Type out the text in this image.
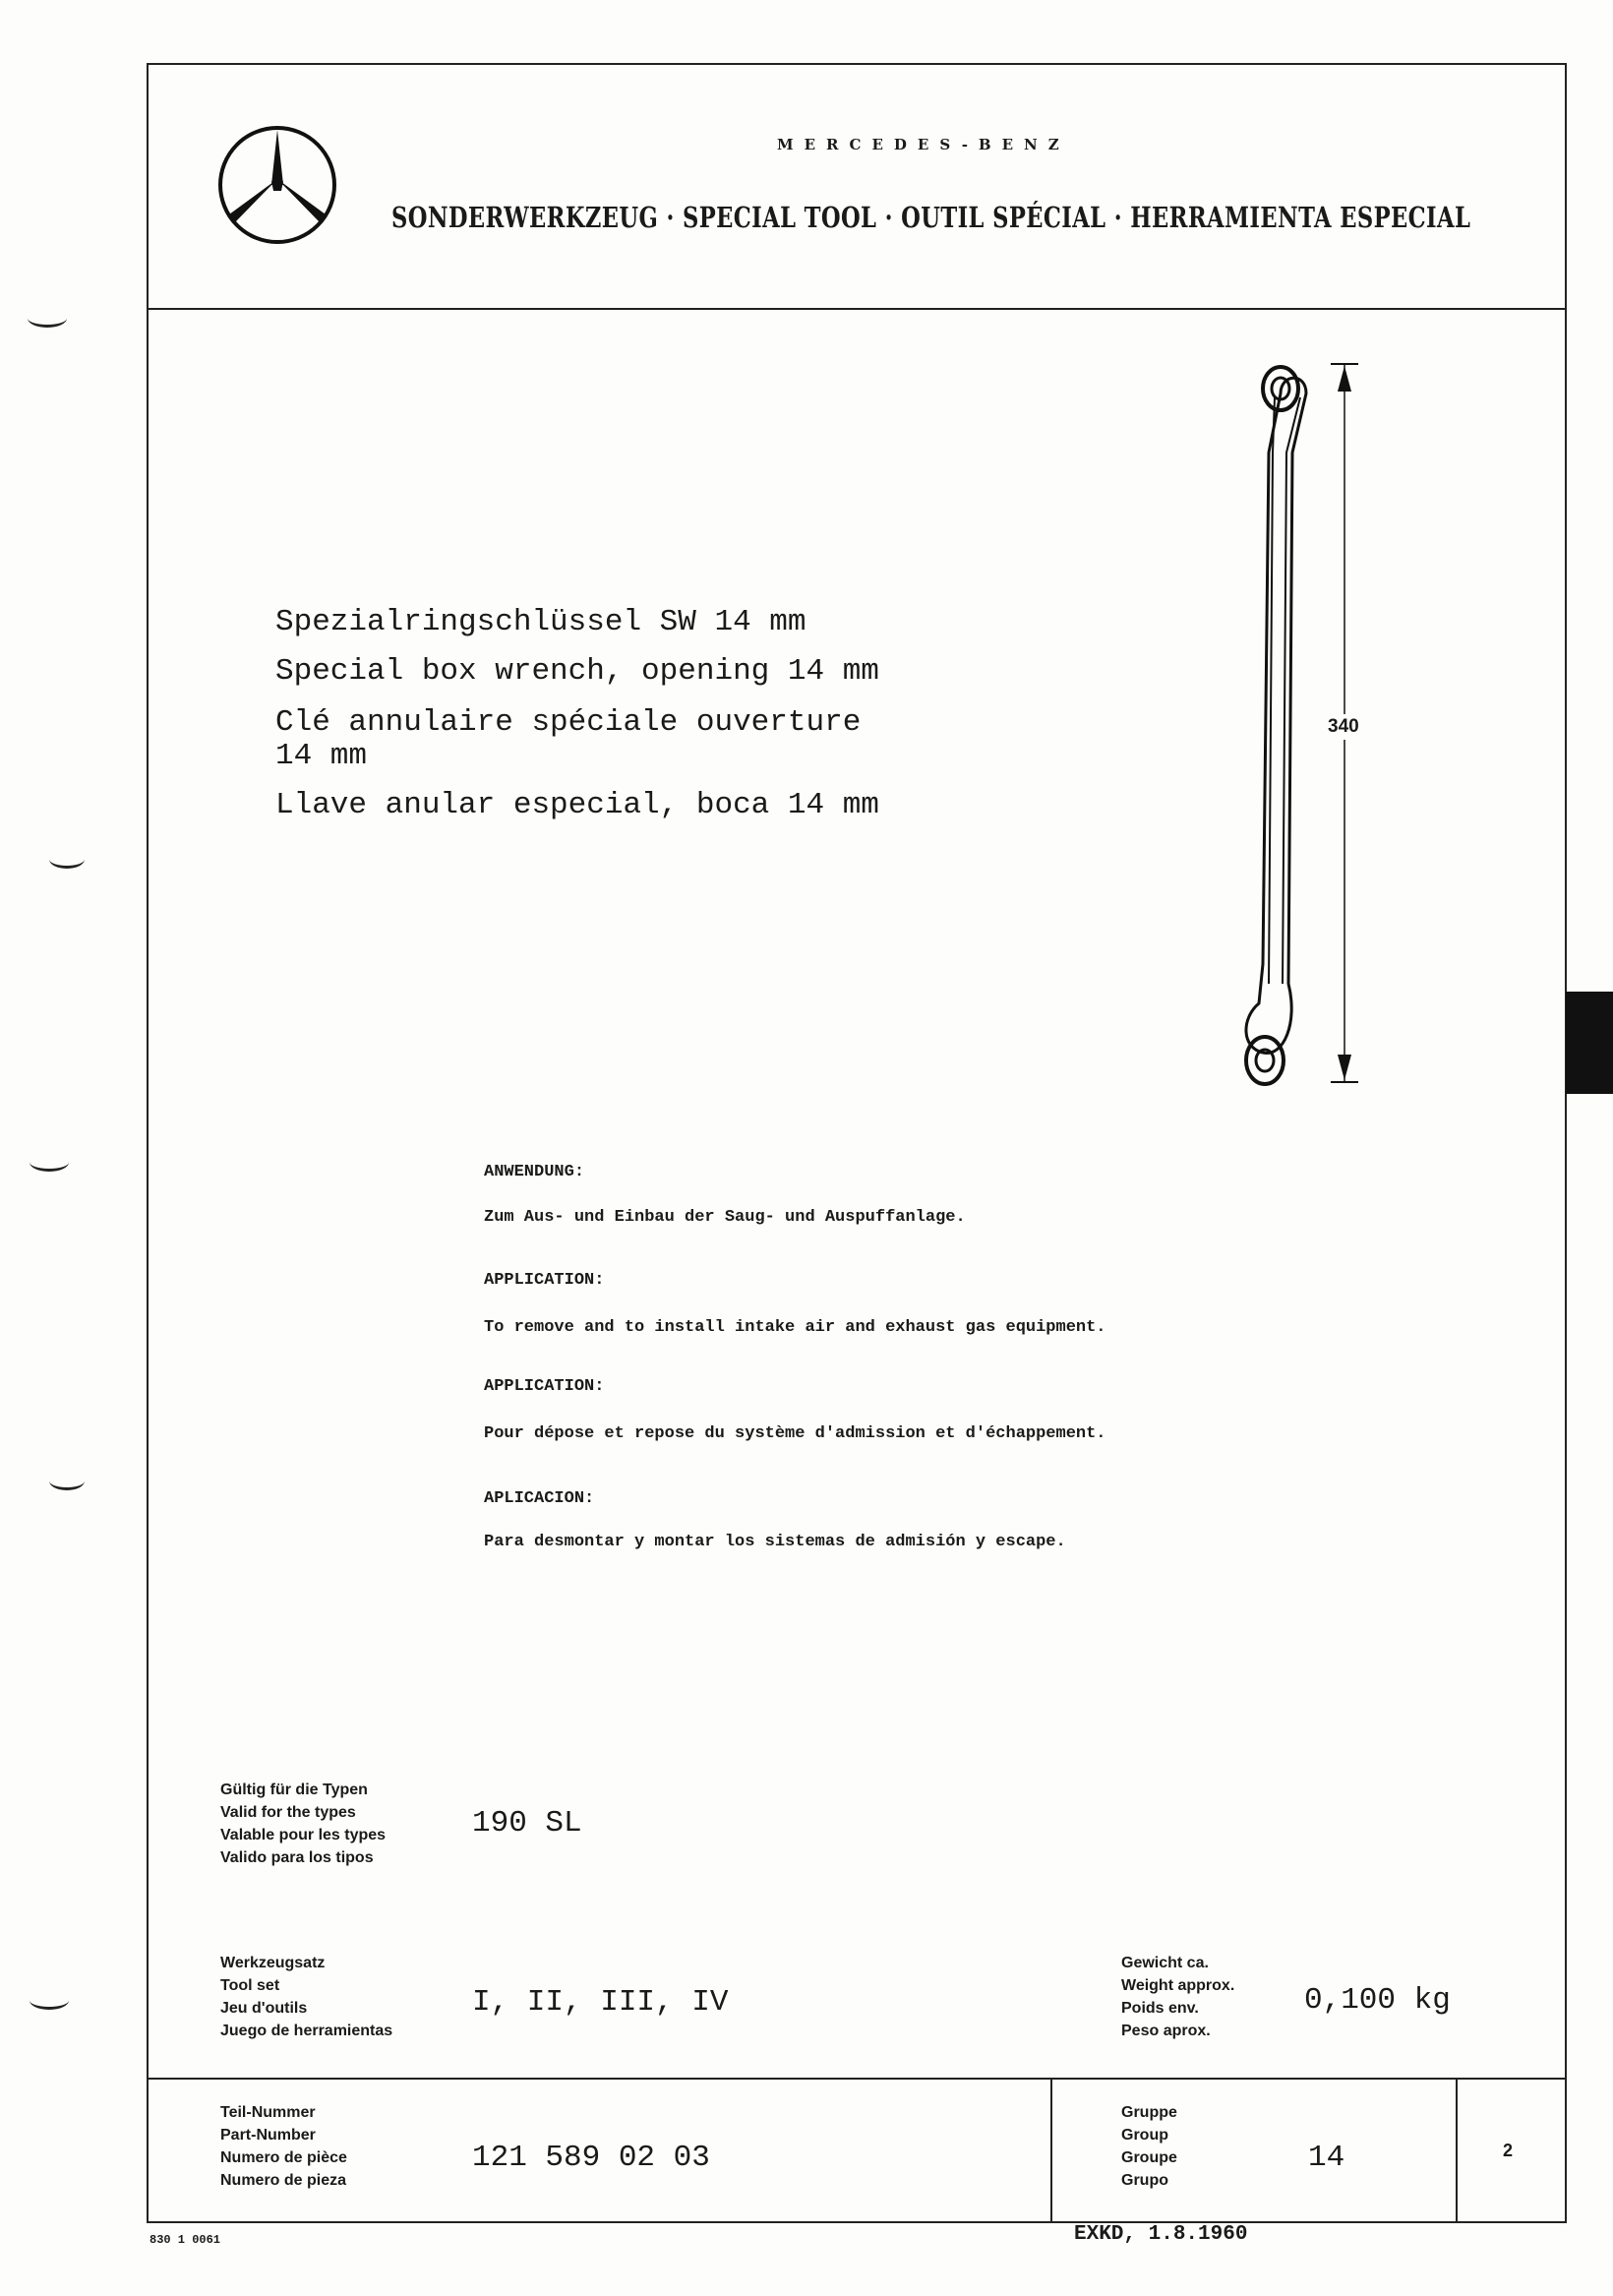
MERCEDES-BENZ
SONDERWERKZEUG · SPECIAL TOOL · OUTIL SPÉCIAL · HERRAMIENTA ESPECIAL
Spezialringschlüssel SW 14 mm
Special box wrench, opening 14 mm
Clé annulaire spéciale ouverture
14 mm
Llave anular especial, boca 14 mm
340
ANWENDUNG:
Zum Aus- und Einbau der Saug- und Auspuffanlage.
APPLICATION:
To remove and to install intake air and exhaust gas equipment.
APPLICATION:
Pour dépose et repose du système d'admission et d'échappement.
APLICACION:
Para desmontar y montar los sistemas de admisión y escape.
Gültig für die Typen
Valid for the types
Valable pour les types
Valido para los tipos
190 SL
Werkzeugsatz
Tool set
Jeu d'outils
Juego de herramientas
I, II, III, IV
Gewicht ca.
Weight approx.
Poids env.
Peso aprox.
0,100 kg
Teil-Nummer
Part-Number
Numero de pièce
Numero de pieza
121 589 02 03
Gruppe
Group
Groupe
Grupo
14	2
830 1 0061	EXKD, 1.8.1960
